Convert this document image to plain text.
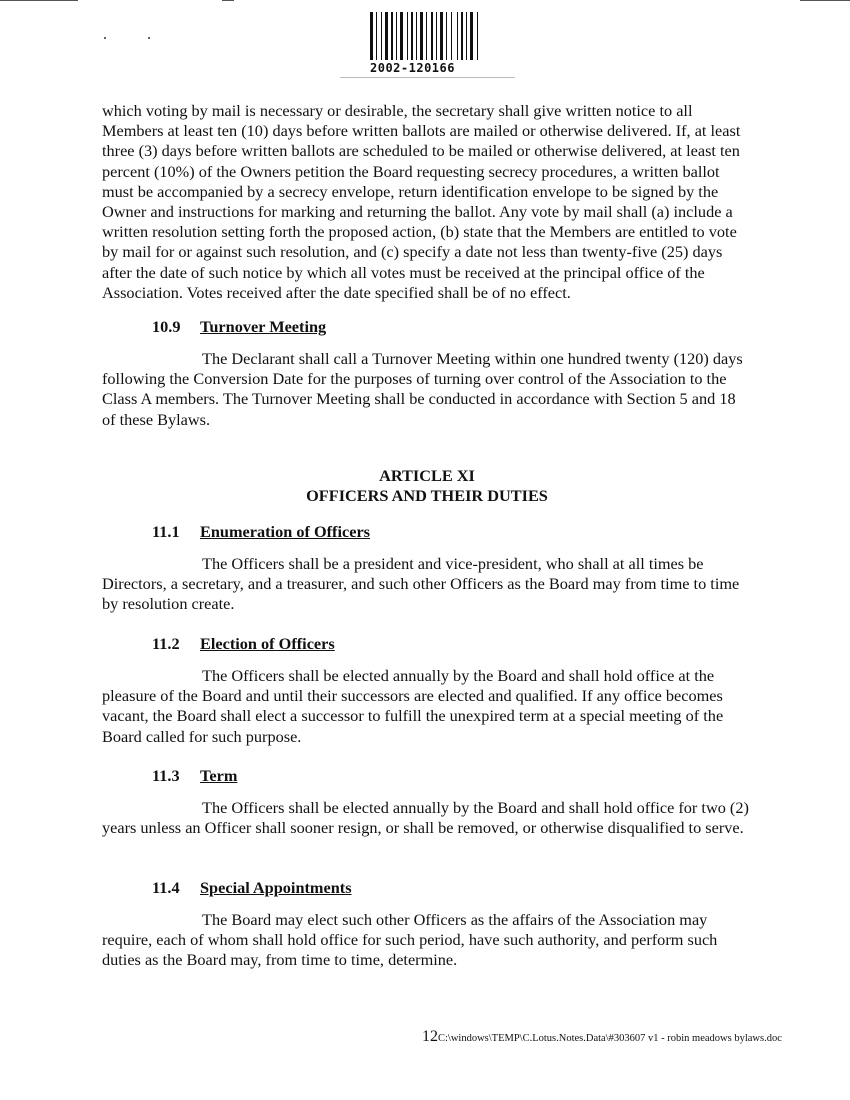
2002-120166

which voting by mail is necessary or desirable, the secretary shall give written notice to all Members at least ten (10) days before written ballots are mailed or otherwise delivered. If, at least three (3) days before written ballots are scheduled to be mailed or otherwise delivered, at least ten percent (10%) of the Owners petition the Board requesting secrecy procedures, a written ballot must be accompanied by a secrecy envelope, return identification envelope to be signed by the Owner and instructions for marking and returning the ballot. Any vote by mail shall (a) include a written resolution setting forth the proposed action, (b) state that the Members are entitled to vote by mail for or against such resolution, and (c) specify a date not less than twenty-five (25) days after the date of such notice by which all votes must be received at the principal office of the Association. Votes received after the date specified shall be of no effect.

10.9 Turnover Meeting

The Declarant shall call a Turnover Meeting within one hundred twenty (120) days following the Conversion Date for the purposes of turning over control of the Association to the Class A members. The Turnover Meeting shall be conducted in accordance with Section 5 and 18 of these Bylaws.

ARTICLE XI
OFFICERS AND THEIR DUTIES
11.1 Enumeration of Officers

The Officers shall be a president and vice-president, who shall at all times be Directors, a secretary, and a treasurer, and such other Officers as the Board may from time to time by resolution create.

11.2 Election of Officers

The Officers shall be elected annually by the Board and shall hold office at the pleasure of the Board and until their successors are elected and qualified. If any office becomes vacant, the Board shall elect a successor to fulfill the unexpired term at a special meeting of the Board called for such purpose.

11.3 Term

The Officers shall be elected annually by the Board and shall hold office for two (2) years unless an Officer shall sooner resign, or shall be removed, or otherwise disqualified to serve.

11.4 Special Appointments

The Board may elect such other Officers as the affairs of the Association may require, each of whom shall hold office for such period, have such authority, and perform such duties as the Board may, from time to time, determine.

12C:\windows\TEMP\C.Lotus.Notes.Data\#303607 v1 - robin meadows bylaws.doc
